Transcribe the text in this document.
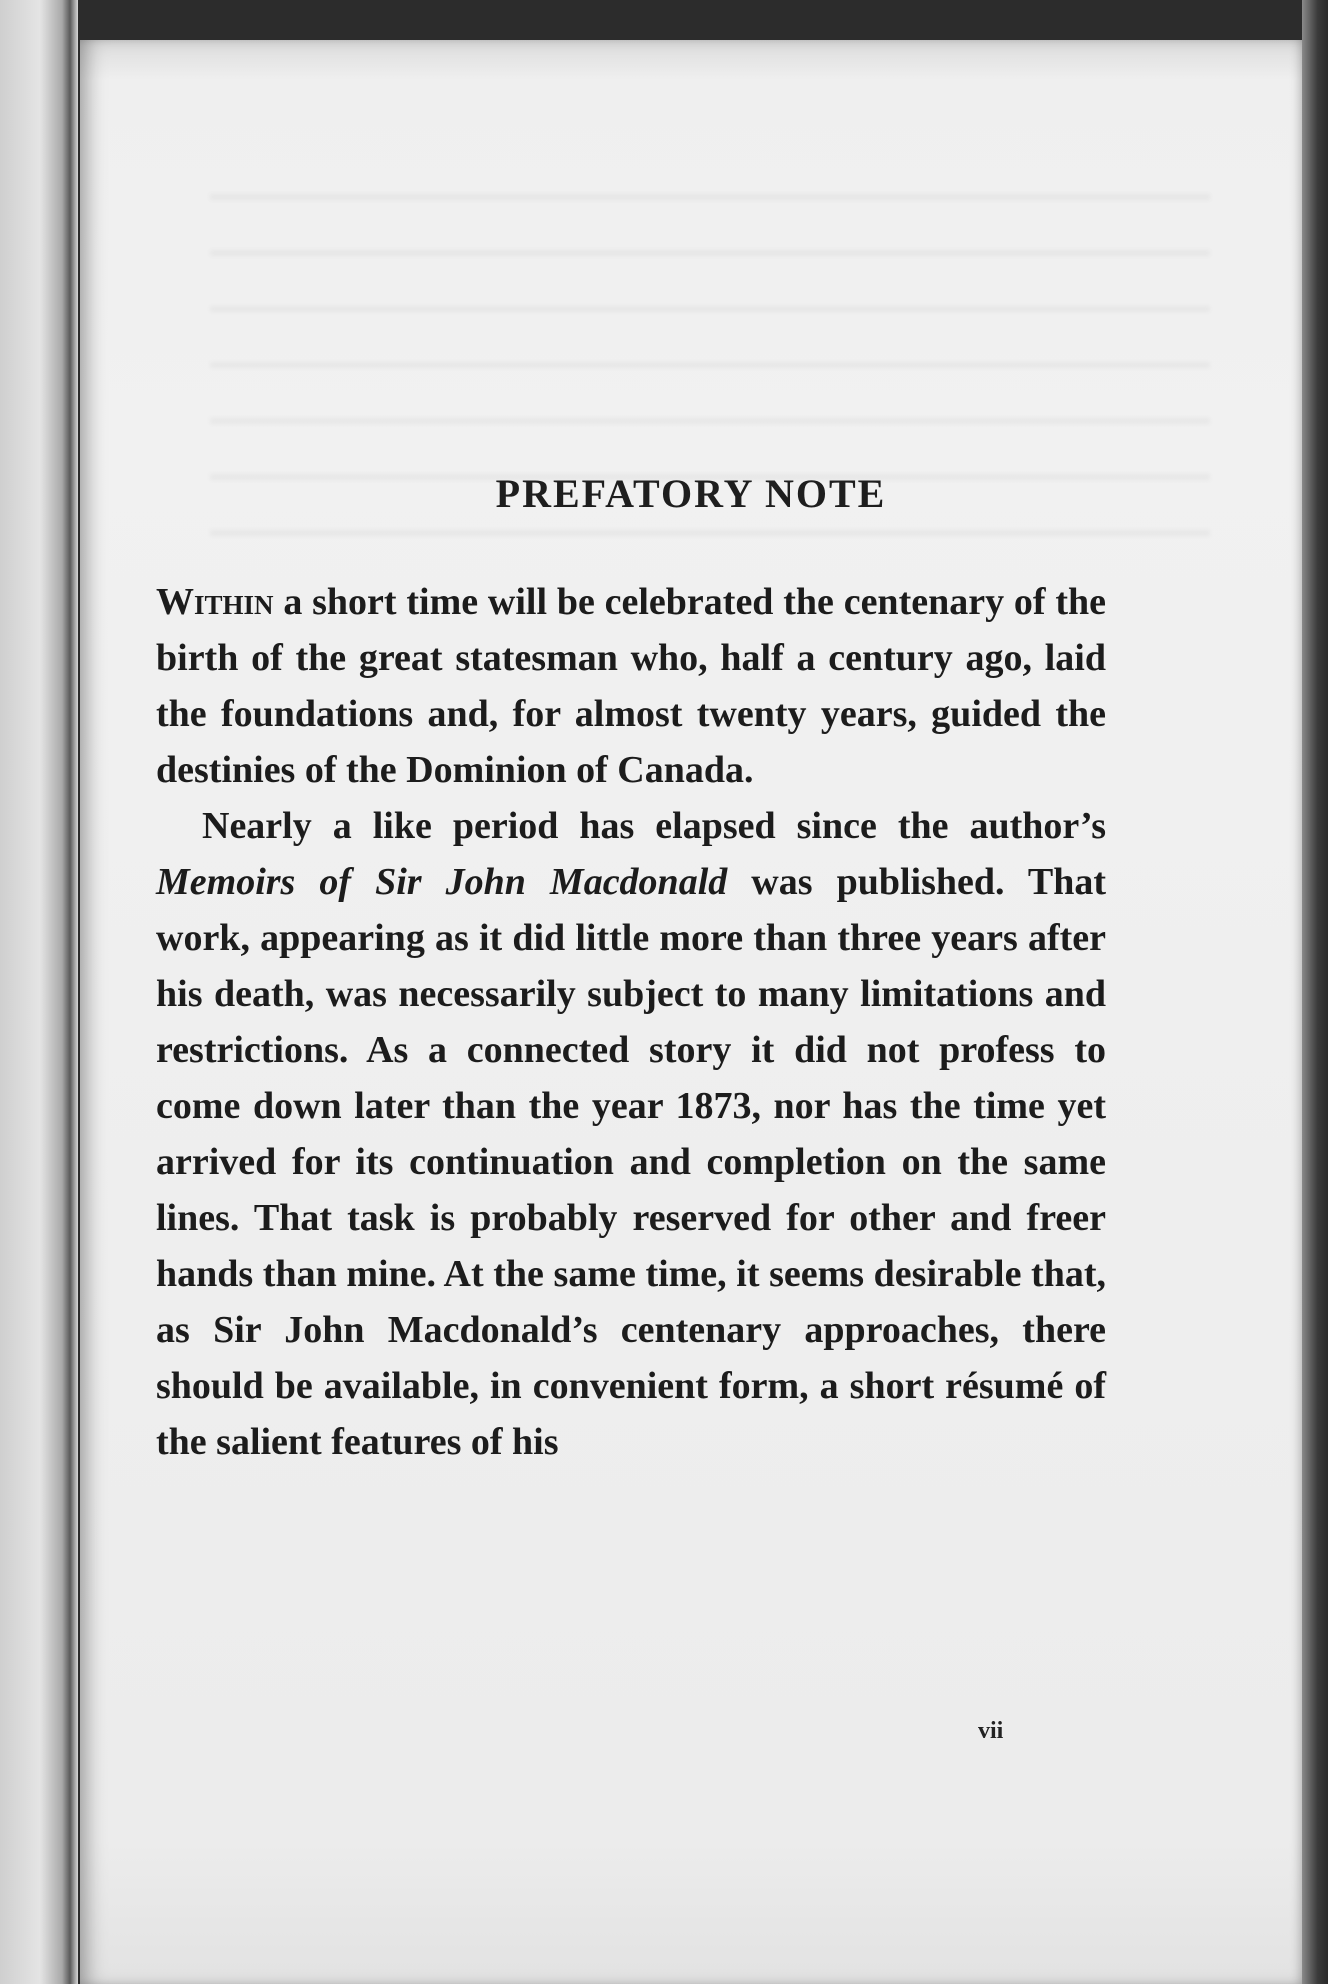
PREFATORY NOTE

Within a short time will be celebrated the centenary of the birth of the great statesman who, half a century ago, laid the foundations and, for almost twenty years, guided the destinies of the Dominion of Canada.

Nearly a like period has elapsed since the author’s Memoirs of Sir John Macdonald was published. That work, appearing as it did little more than three years after his death, was necessarily subject to many limitations and restrictions. As a connected story it did not profess to come down later than the year 1873, nor has the time yet arrived for its continuation and completion on the same lines. That task is probably reserved for other and freer hands than mine. At the same time, it seems desirable that, as Sir John Macdonald’s centenary approaches, there should be available, in convenient form, a short résumé of the salient features of his

vii
